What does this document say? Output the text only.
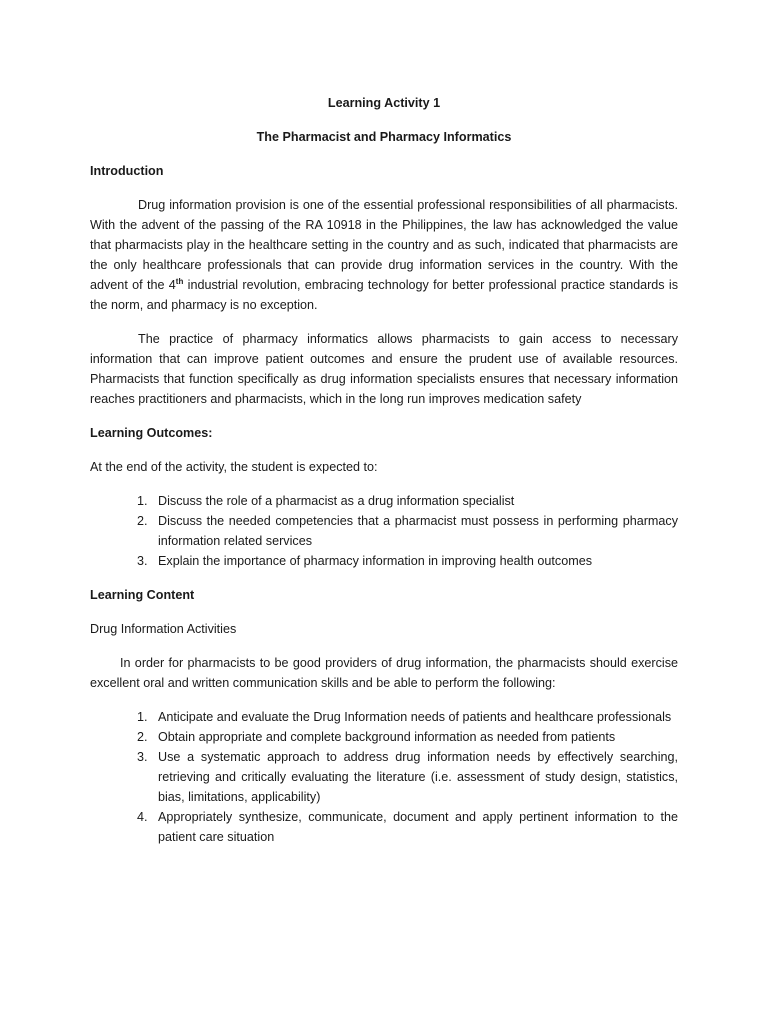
Learning Activity 1

The Pharmacist and Pharmacy Informatics

Introduction

Drug information provision is one of the essential professional responsibilities of all pharmacists. With the advent of the passing of the RA 10918 in the Philippines, the law has acknowledged the value that pharmacists play in the healthcare setting in the country and as such, indicated that pharmacists are the only healthcare professionals that can provide drug information services in the country. With the advent of the 4th industrial revolution, embracing technology for better professional practice standards is the norm, and pharmacy is no exception.

The practice of pharmacy informatics allows pharmacists to gain access to necessary information that can improve patient outcomes and ensure the prudent use of available resources. Pharmacists that function specifically as drug information specialists ensures that necessary information reaches practitioners and pharmacists, which in the long run improves medication safety

Learning Outcomes:

At the end of the activity, the student is expected to:

1. Discuss the role of a pharmacist as a drug information specialist
2. Discuss the needed competencies that a pharmacist must possess in performing pharmacy information related services
3. Explain the importance of pharmacy information in improving health outcomes

Learning Content

Drug Information Activities

In order for pharmacists to be good providers of drug information, the pharmacists should exercise excellent oral and written communication skills and be able to perform the following:

1. Anticipate and evaluate the Drug Information needs of patients and healthcare professionals
2. Obtain appropriate and complete background information as needed from patients
3. Use a systematic approach to address drug information needs by effectively searching, retrieving and critically evaluating the literature (i.e. assessment of study design, statistics, bias, limitations, applicability)
4. Appropriately synthesize, communicate, document and apply pertinent information to the patient care situation
